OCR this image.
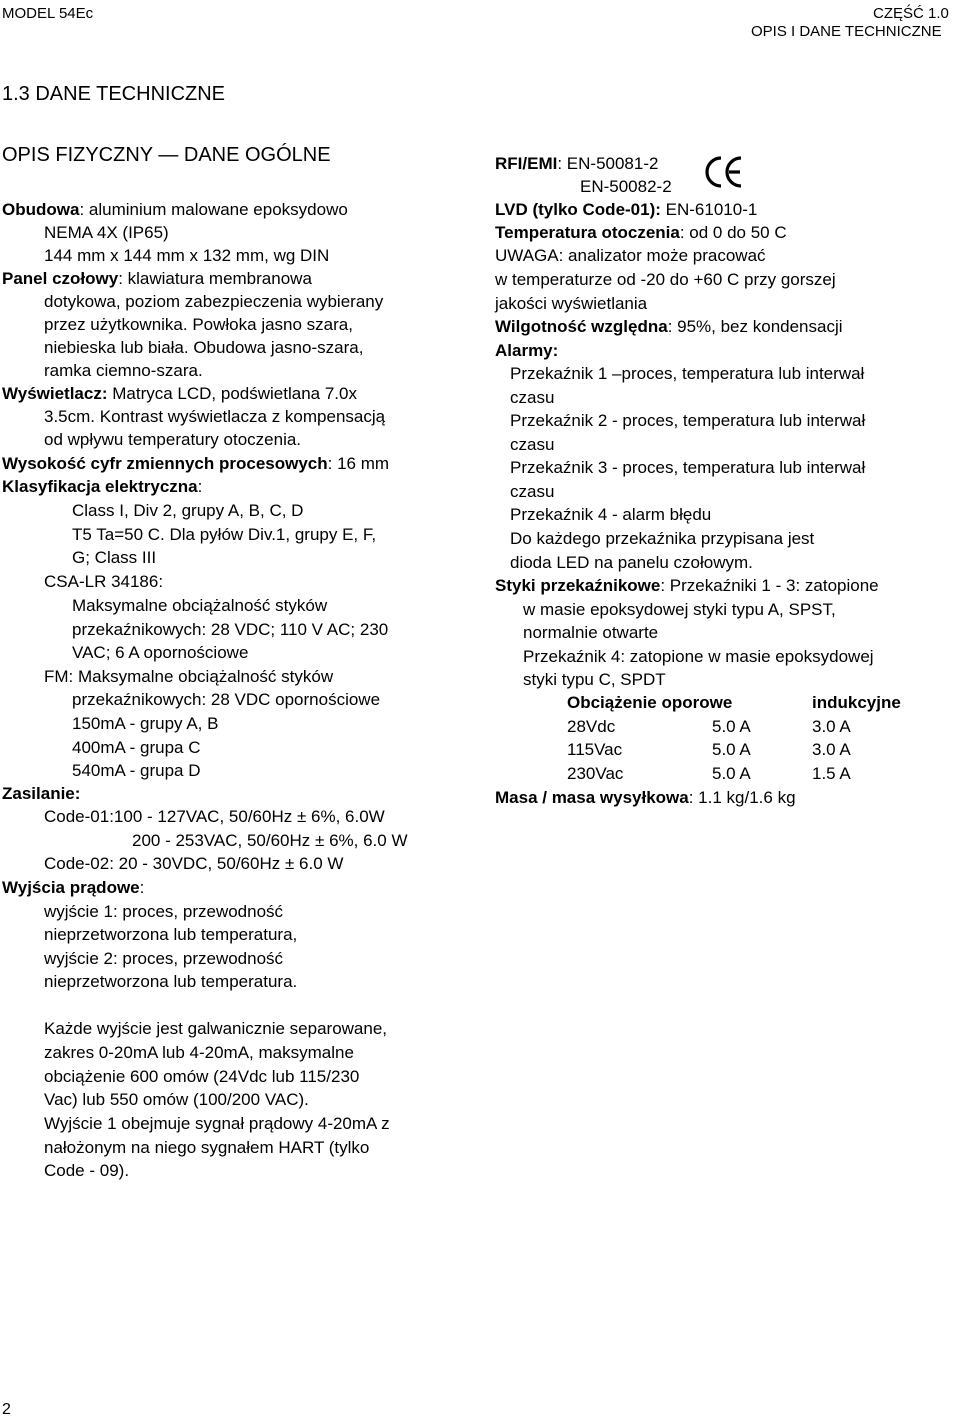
MODEL 54Ec	CZĘŚĆ 1.0
OPIS I DANE TECHNICZNE
1.3 DANE TECHNICZNE
OPIS FIZYCZNY — DANE OGÓLNE
Obudowa: aluminium malowane epoksydowo
NEMA 4X (IP65)
144 mm x 144 mm x 132 mm, wg DIN
Panel czołowy: klawiatura membranowa
dotykowa, poziom zabezpieczenia wybierany
przez użytkownika. Powłoka jasno szara,
niebieska lub biała. Obudowa jasno-szara,
ramka ciemno-szara.
Wyświetlacz: Matryca LCD, podświetlana 7.0x
3.5cm. Kontrast wyświetlacza z kompensacją
od wpływu temperatury otoczenia.
Wysokość cyfr zmiennych procesowych: 16 mm
Klasyfikacja elektryczna:
Class I, Div 2, grupy A, B, C, D
T5 Ta=50 C. Dla pyłów Div.1, grupy E, F,
G; Class III
CSA-LR 34186:
Maksymalne obciążalność styków
przekaźnikowych: 28 VDC; 110 V AC; 230
VAC; 6 A opornościowe
FM: Maksymalne obciążalność styków
przekaźnikowych: 28 VDC opornościowe
150mA - grupy A, B
400mA - grupa C
540mA - grupa D
Zasilanie:
Code-01:100 - 127VAC, 50/60Hz ± 6%, 6.0W
200 - 253VAC, 50/60Hz ± 6%, 6.0 W
Code-02: 20 - 30VDC, 50/60Hz ± 6.0 W
Wyjścia prądowe:
wyjście 1: proces, przewodność
nieprzetworzona lub temperatura,
wyjście 2: proces, przewodność
nieprzetworzona lub temperatura.
Każde wyjście jest galwanicznie separowane,
zakres 0-20mA lub 4-20mA, maksymalne
obciążenie 600 omów (24Vdc lub 115/230
Vac) lub 550 omów (100/200 VAC).
Wyjście 1 obejmuje sygnał prądowy 4-20mA z
nałożonym na niego sygnałem HART (tylko
Code - 09).
RFI/EMI: EN-50081-2
EN-50082-2
LVD (tylko Code-01): EN-61010-1
Temperatura otoczenia: od 0 do 50 C
UWAGA: analizator może pracować
w temperaturze od -20 do +60 C przy gorszej
jakości wyświetlania
Wilgotność względna: 95%, bez kondensacji
Alarmy:
Przekaźnik 1 –proces, temperatura lub interwał
czasu
Przekaźnik 2 - proces, temperatura lub interwał
czasu
Przekaźnik 3 - proces, temperatura lub interwał
czasu
Przekaźnik 4 - alarm błędu
Do każdego przekaźnika przypisana jest
dioda LED na panelu czołowym.
Styki przekaźnikowe: Przekaźniki 1 - 3: zatopione
w masie epoksydowej styki typu A, SPST,
normalnie otwarte
Przekaźnik 4: zatopione w masie epoksydowej
styki typu C, SPDT
Obciążenie oporowe	indukcyjne
28Vdc	5.0 A	3.0 A
115Vac	5.0 A	3.0 A
230Vac	5.0 A	1.5 A
Masa / masa wysyłkowa: 1.1 kg/1.6 kg
2
